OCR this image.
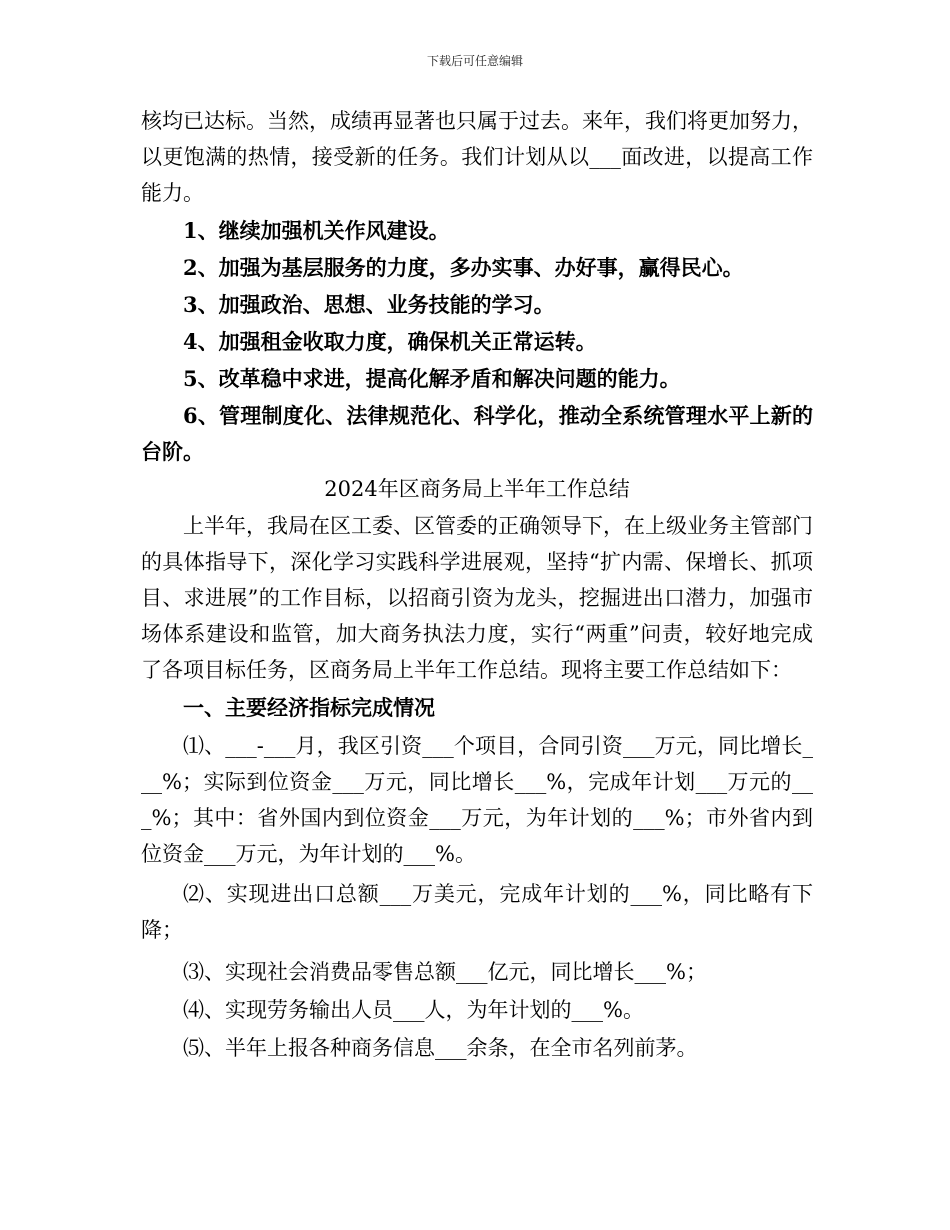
下载后可任意编辑

核均已达标。当然，成绩再显著也只属于过去。来年，我们将更加努力，以更饱满的热情，接受新的任务。我们计划从以___面改进，以提高工作能力。

1、继续加强机关作风建设。

2、加强为基层服务的力度，多办实事、办好事，赢得民心。

3、加强政治、思想、业务技能的学习。

4、加强租金收取力度，确保机关正常运转。

5、改革稳中求进，提高化解矛盾和解决问题的能力。

6、管理制度化、法律规范化、科学化，推动全系统管理水平上新的台阶。

2024年区商务局上半年工作总结

上半年，我局在区工委、区管委的正确领导下，在上级业务主管部门的具体指导下，深化学习实践科学进展观，坚持“扩内需、保增长、抓项目、求进展”的工作目标，以招商引资为龙头，挖掘进出口潜力，加强市场体系建设和监管，加大商务执法力度，实行“两重”问责，较好地完成了各项目标任务，区商务局上半年工作总结。现将主要工作总结如下：

一、主要经济指标完成情况

⑴、___-___月，我区引资___个项目，合同引资___万元，同比增长___%；实际到位资金___万元，同比增长___%，完成年计划___万元的___%；其中：省外国内到位资金___万元，为年计划的___%；市外省内到位资金___万元，为年计划的___%。

⑵、实现进出口总额___万美元，完成年计划的___%，同比略有下降；

⑶、实现社会消费品零售总额___亿元，同比增长___%；

⑷、实现劳务输出人员___人，为年计划的___%。

⑸、半年上报各种商务信息___余条，在全市名列前茅。
